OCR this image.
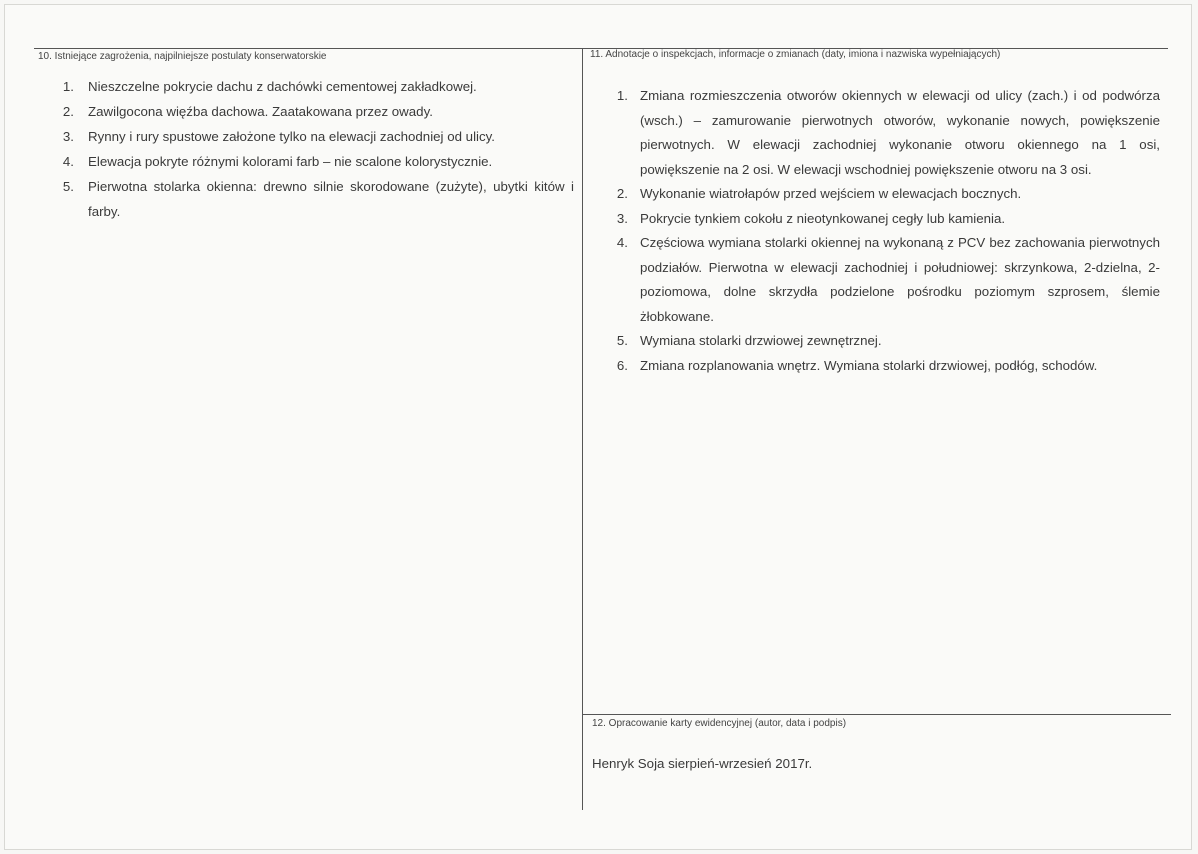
10. Istniejące zagrożenia, najpilniejsze postulaty konserwatorskie	11. Adnotacje o inspekcjach, informacje o zmianach (daty, imiona i nazwiska wypełniających)
1. Nieszczelne pokrycie dachu z dachówki cementowej zakładkowej.
2. Zawilgocona więźba dachowa. Zaatakowana przez owady.
3. Rynny i rury spustowe założone tylko na elewacji zachodniej od ulicy.
4. Elewacja pokryte różnymi kolorami farb – nie scalone kolorystycznie.
5. Pierwotna stolarka okienna: drewno silnie skorodowane (zużyte), ubytki kitów i farby.
1. Zmiana rozmieszczenia otworów okiennych w elewacji od ulicy (zach.) i od podwórza (wsch.) – zamurowanie pierwotnych otworów, wykonanie nowych, powiększenie pierwotnych. W elewacji zachodniej wykonanie otworu okiennego na 1 osi, powiększenie na 2 osi. W elewacji wschodniej powiększenie otworu na 3 osi.
2. Wykonanie wiatrołapów przed wejściem w elewacjach bocznych.
3. Pokrycie tynkiem cokołu z nieotynkowanej cegły lub kamienia.
4. Częściowa wymiana stolarki okiennej na wykonaną z PCV bez zachowania pierwotnych podziałów. Pierwotna w elewacji zachodniej i południowej: skrzynkowa, 2-dzielna, 2-poziomowa, dolne skrzydła podzielone pośrodku poziomym szprosem, ślemie żłobkowane.
5. Wymiana stolarki drzwiowej zewnętrznej.
6. Zmiana rozplanowania wnętrz. Wymiana stolarki drzwiowej, podłóg, schodów.
12. Opracowanie karty ewidencyjnej (autor, data i podpis)
Henryk Soja sierpień-wrzesień 2017r.
